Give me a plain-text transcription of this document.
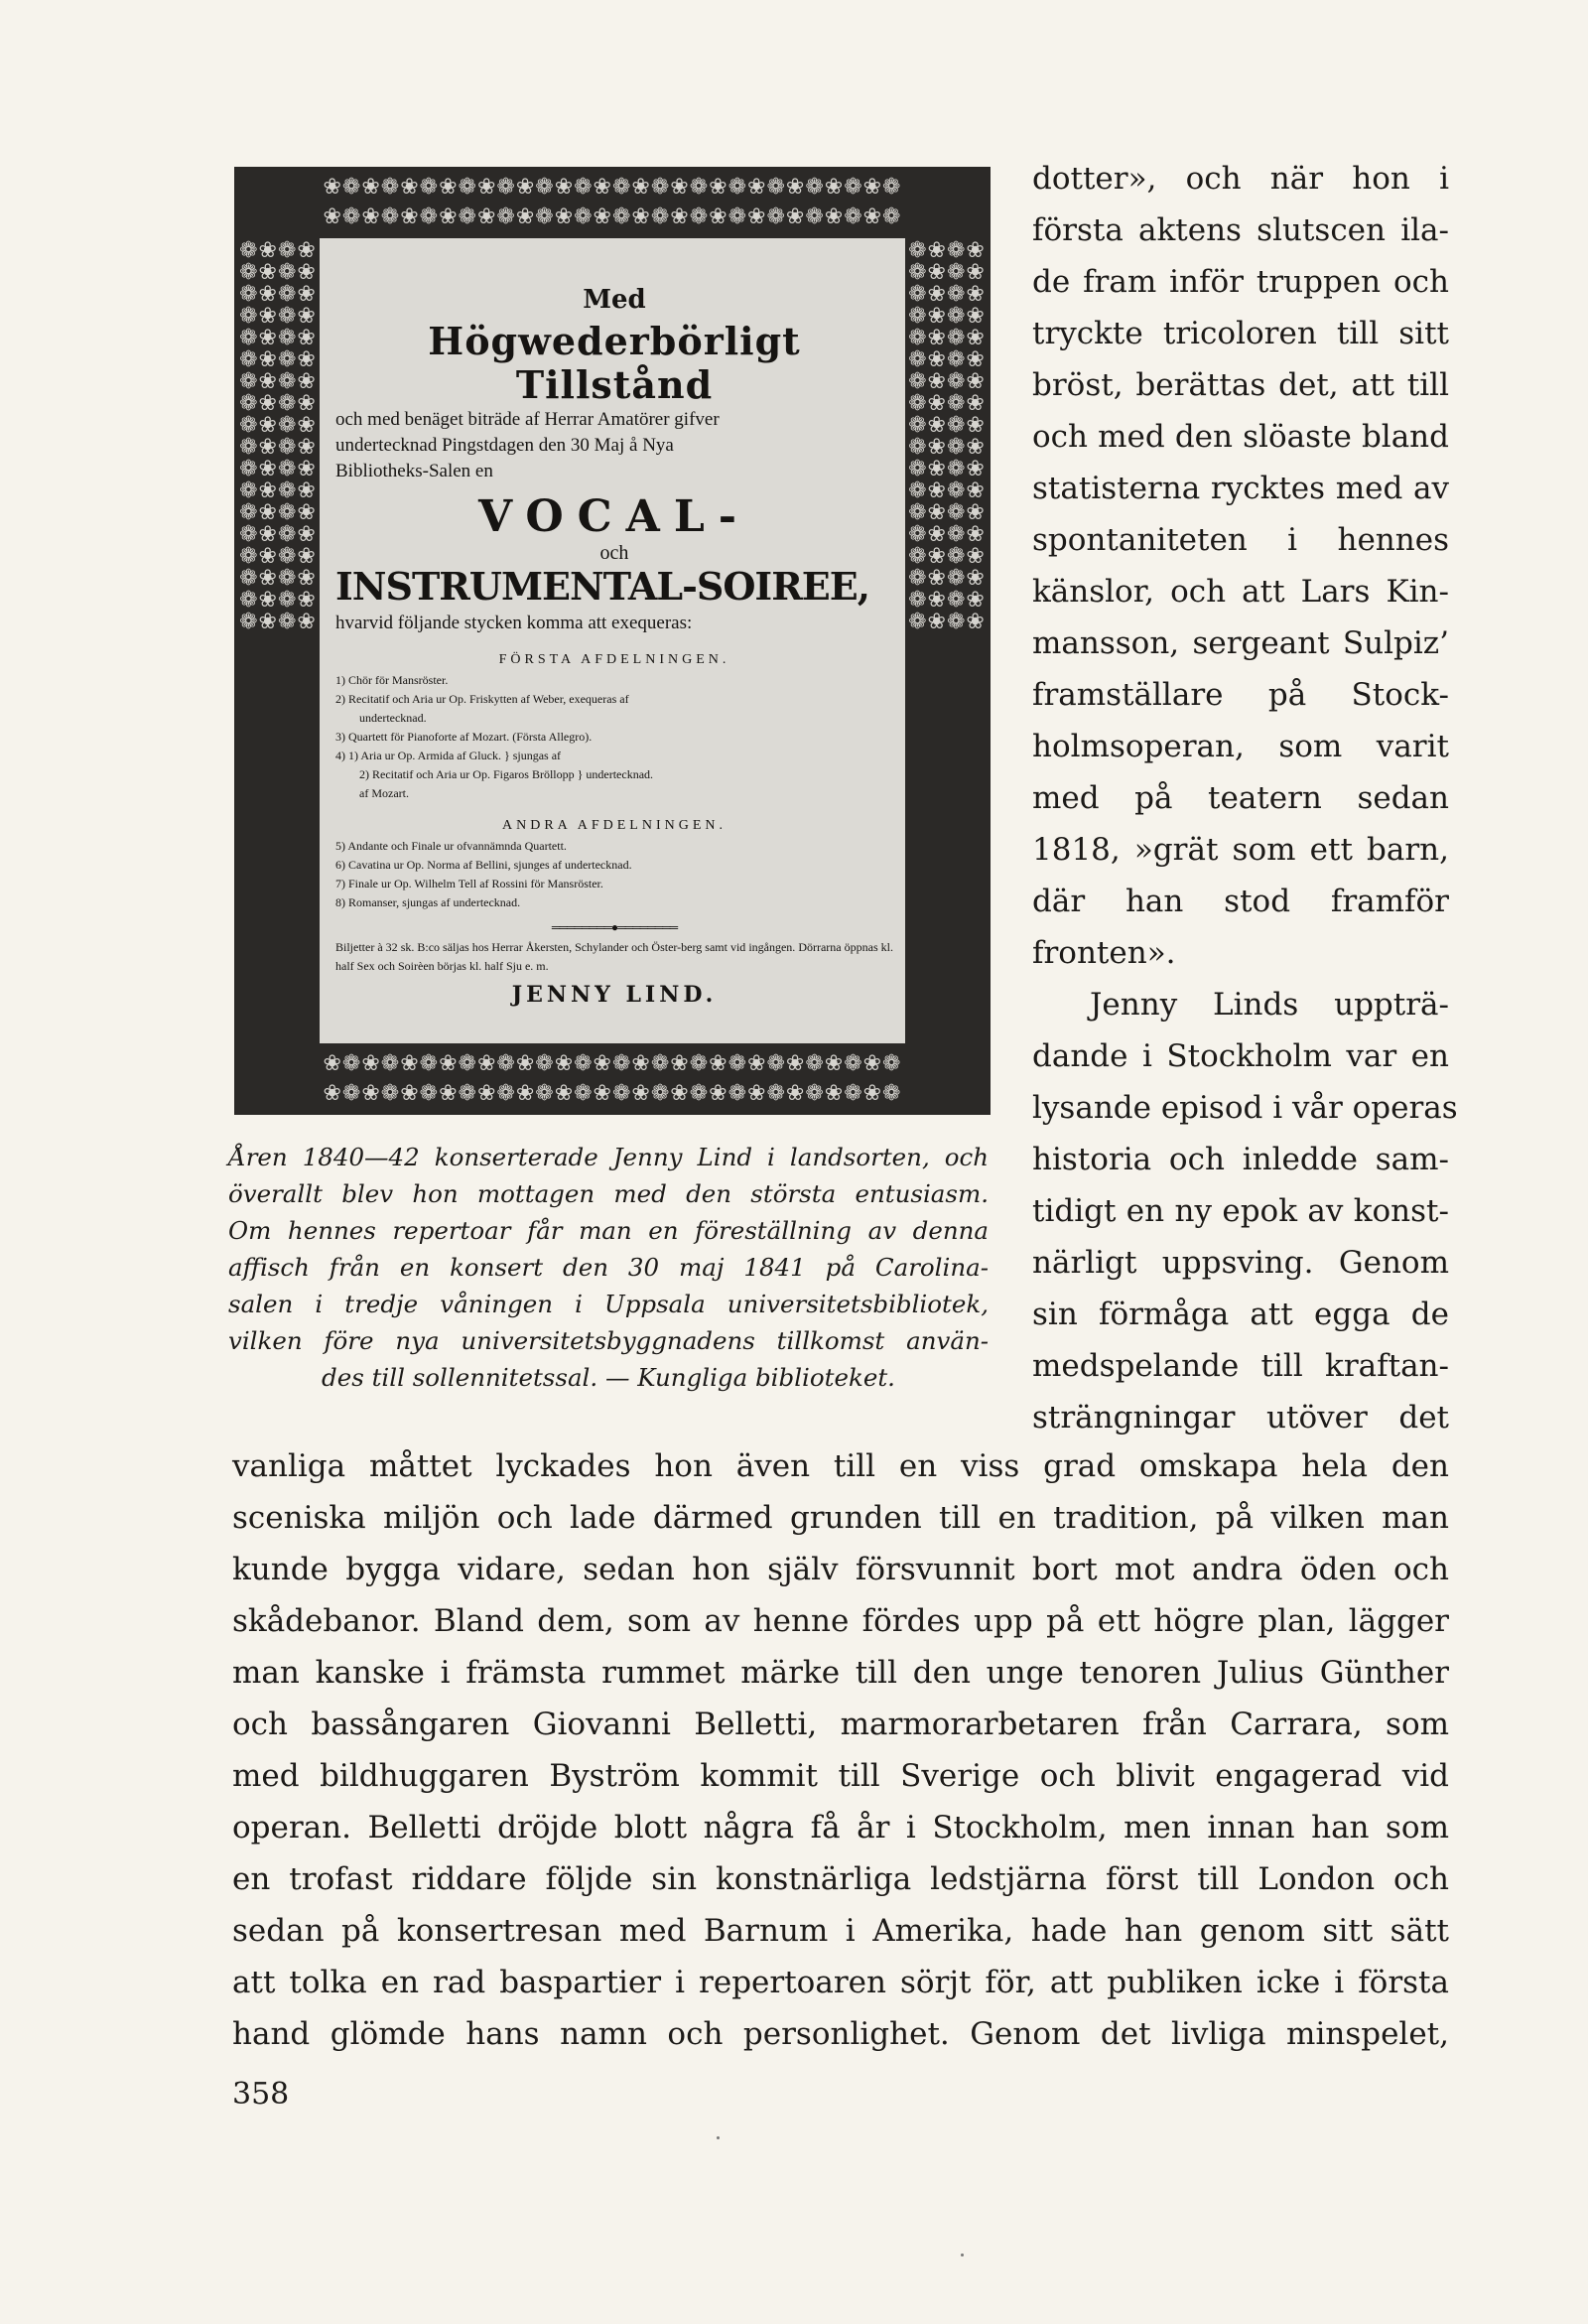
❀❁❀❁❀❁❀❁❀❁❀❁❀❁❀❁❀❁❀❁❀❁❀❁❀❁❀❁❀❁
❀❁❀❁❀❁❀❁❀❁❀❁❀❁❀❁❀❁❀❁❀❁❀❁❀❁❀❁❀❁
❀❁❀❁❀❁❀❁❀❁❀❁❀❁❀❁❀❁❀❁❀❁❀❁❀❁❀❁❀❁
❀❁❀❁❀❁❀❁❀❁❀❁❀❁❀❁❀❁❀❁❀❁❀❁❀❁❀❁❀❁
❁❀❁❀❁❀❁❀❁❀❁❀❁❀❁❀❁❀❁❀❁❀❁❀❁❀❁❀❁❀❁❀❁❀❁❀❁❀❁❀❁❀❁❀❁❀❁❀❁❀❁❀❁❀❁❀❁❀❁❀❁❀❁❀❁❀❁❀❁❀❁❀
❁❀❁❀❁❀❁❀❁❀❁❀❁❀❁❀❁❀❁❀❁❀❁❀❁❀❁❀❁❀❁❀❁❀❁❀❁❀❁❀❁❀❁❀❁❀❁❀❁❀❁❀❁❀❁❀❁❀❁❀❁❀❁❀❁❀❁❀❁❀❁❀
Med
Högwederbörligt Tillstånd
och med benäget biträde af Herrar Amatörer gifver
undertecknad Pingstdagen den 30 Maj å Nya
Bibliotheks-Salen en
VOCAL-
och
INSTRUMENTAL-SOIREE,
hvarvid följande stycken komma att exequeras:
FÖRSTA AFDELNINGEN.
1) Chör för Mansröster.
2) Recitatif och Aria ur Op. Friskytten af Weber, exequeras af
undertecknad.
3) Quartett för Pianoforte af Mozart. (Första Allegro).
4) 1) Aria ur Op. Armida af Gluck. } sjungas af
2) Recitatif och Aria ur Op. Figaros Bröllopp } undertecknad.
af Mozart.
ANDRA AFDELNINGEN.
5) Andante och Finale ur ofvannämnda Quartett.
6) Cavatina ur Op. Norma af Bellini, sjunges af undertecknad.
7) Finale ur Op. Wilhelm Tell af Rossini för Mansröster.
8) Romanser, sjungas af undertecknad.
════════●════════
Biljetter à 32 sk. B:co säljas hos Herrar Åkersten, Schylander och Öster-berg samt vid ingången. Dörrarna öppnas kl. half Sex och Soirèen börjas kl. half Sju e. m.
JENNY LIND.
Åren 1840—42 konserterade Jenny Lind i landsorten, och
överallt blev hon mottagen med den största entusiasm.
Om hennes repertoar får man en föreställning av denna
affisch från en konsert den 30 maj 1841 på Carolina-
salen i tredje våningen i Uppsala universitetsbibliotek,
vilken före nya universitetsbyggnadens tillkomst använ-
des till sollennitetssal. — Kungliga biblioteket.
dotter», och när hon i
första aktens slutscen ila-
de fram inför truppen och
tryckte tricoloren till sitt
bröst, berättas det, att till
och med den slöaste bland
statisterna rycktes med av
spontaniteten i hennes
känslor, och att Lars Kin-
mansson, sergeant Sulpiz’
framställare på Stock-
holmsoperan, som varit
med på teatern sedan
1818, »grät som ett barn,
där han stod framför
fronten».
Jenny Linds uppträ-
dande i Stockholm var en
lysande episod i vår operas
historia och inledde sam-
tidigt en ny epok av konst-
närligt uppsving. Genom
sin förmåga att egga de
medspelande till kraftan-
strängningar utöver det
vanliga måttet lyckades hon även till en viss grad omskapa hela den
sceniska miljön och lade därmed grunden till en tradition, på vilken man
kunde bygga vidare, sedan hon själv försvunnit bort mot andra öden och
skådebanor. Bland dem, som av henne fördes upp på ett högre plan, lägger
man kanske i främsta rummet märke till den unge tenoren Julius Günther
och bassångaren Giovanni Belletti, marmorarbetaren från Carrara, som
med bildhuggaren Byström kommit till Sverige och blivit engagerad vid
operan. Belletti dröjde blott några få år i Stockholm, men innan han som
en trofast riddare följde sin konstnärliga ledstjärna först till London och
sedan på konsertresan med Barnum i Amerika, hade han genom sitt sätt
att tolka en rad baspartier i repertoaren sörjt för, att publiken icke i första
hand glömde hans namn och personlighet. Genom det livliga minspelet,
358
